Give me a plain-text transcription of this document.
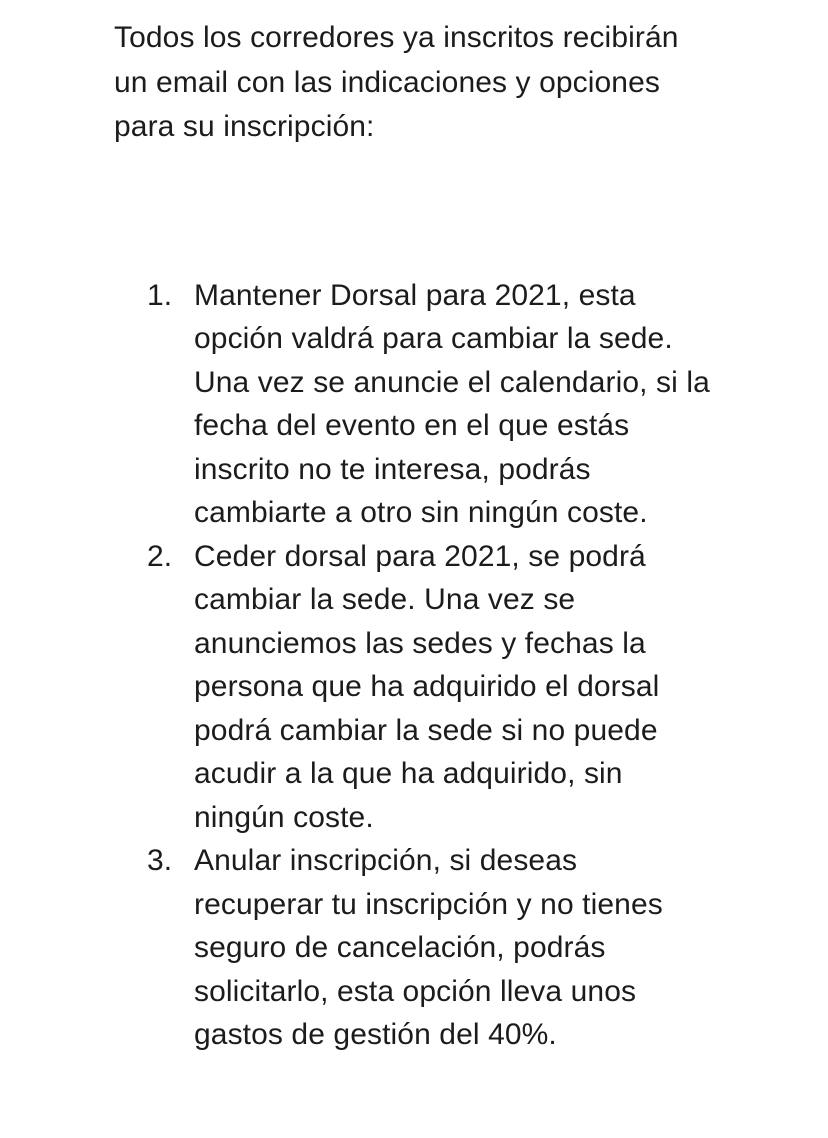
Todos los corredores ya inscritos recibirán un email con las indicaciones y opciones para su inscripción:

1. Mantener Dorsal para 2021, esta opción valdrá para cambiar la sede. Una vez se anuncie el calendario, si la fecha del evento en el que estás inscrito no te interesa, podrás cambiarte a otro sin ningún coste.
2. Ceder dorsal para 2021, se podrá cambiar la sede. Una vez se anunciemos las sedes y fechas la persona que ha adquirido el dorsal podrá cambiar la sede si no puede acudir a la que ha adquirido, sin ningún coste.
3. Anular inscripción, si deseas recuperar tu inscripción y no tienes seguro de cancelación, podrás solicitarlo, esta opción lleva unos gastos de gestión del 40%.
